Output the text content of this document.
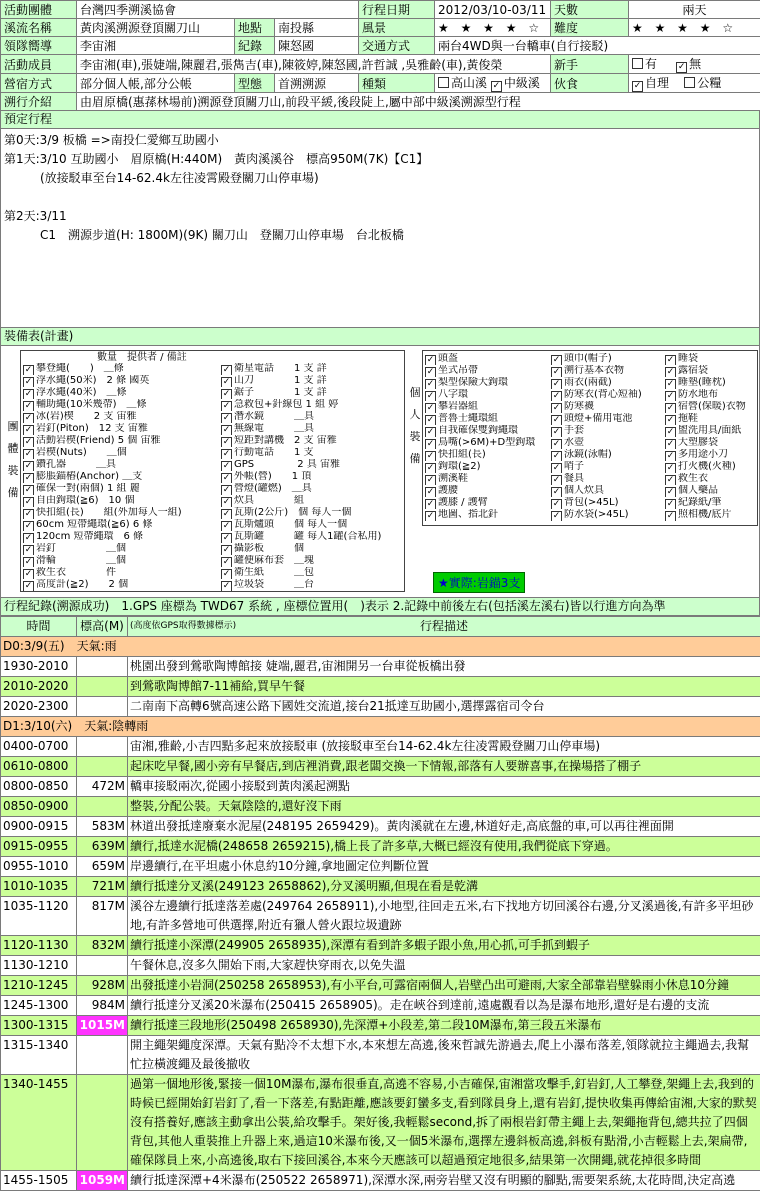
活動團體	台灣四季溯溪協會			行程日期	2012/03/10-03/11	天數	兩天
溪流名稱	黃肉溪溯源登頂關刀山	地點	南投縣	風景	★ ★ ★ ★ ☆	難度	★ ★ ★ ★ ☆
領隊嚮導	李宙湘	紀錄	陳怒國	交通方式	兩台4WD與一台轎車(自行接駁)		
活動成員	李宙湘(車),張婕端,陳麗君,張雋吉(車),陳筱婷,陳怒國,許哲誠 ,吳雅齡(車),黃俊榮					新手	有 ✓ 無
營宿方式	部分個人帳,部分公帳	型態	首溯溯源	種類	高山溪 ✓ 中級溪	伙食	✓ 自理 公糧
溯行介紹	由眉原橋(惠蓀林場前)溯源登頂關刀山,前段平緩,後段陡上,屬中部中級溪溯源型行程						
預定行程
第0天:3/9 板橋 =>南投仁愛鄉互助國小
第1天:3/10 互助國小　眉原橋(H:440M)　黃肉溪溪谷　標高950M(7K)【C1】
　　　(放接駁車至台14-62.4k左往凌霄殿登關刀山停車場)

第2天:3/11
　　　C1　溯源步道(H: 1800M)(9K) 關刀山　登關刀山停車場　台北板橋
裝備表(計畫)
團體裝備
數量　提供者 / 備註
✓ 攀登繩(　　)　＿條
✓ 浮水繩(50米)　2 條 國英
✓ 浮水繩(40米)　＿條
✓ 輔助繩(10米幾帶)　＿條
✓ 冰(岩)楔　　2 支 宙雅
✓ 岩釘(Piton)　12 支 宙雅
✓ 活動岩楔(Friend) 5 個 宙雅
✓ 岩楔(Nuts)　　＿個
✓ 鑽孔器　　　＿具
✓ 膨脹錨樁(Anchor) ＿支
✓ 確保一對(兩個) 1 組 麗
✓ 自由鉤環(≧6)　10 個
✓ 快扣組(長)　　組(外加每人一組)
✓ 60cm 短帶繩環(≧6) 6 條
✓ 120cm 短帶繩環　6 條
✓ 岩釘　　　　　＿個
✓ 滑輪　　　　　＿個
✓ 救生衣　　　　件
✓ 高度計(≧2)　　2 個
✓ 衛星電話　　1 支 詳
✓ 山刀　　　　1 支 詳
✓ 鋸子　　　　1 支 詳
✓ 急救包+針線包 1 組 婷
✓ 潛水鏡　　　＿具
✓ 無線電　　　＿具
✓ 短距對講機　2 支 宙雅
✓ 行動電話　　1 支
✓ GPS　　　　 2 具 宙雅
✓ 外帳(營)　　1 頂
✓ 營燈(罐燃)　＿具
✓ 炊具　　　　組
✓ 瓦斯(2公斤)　個 每人一個
✓ 瓦斯爐頭　　個 每人一個
✓ 瓦斯罐　　　罐 每人1罐(合私用)
✓ 攝影板　　　個
✓ 罐便麻布套　＿塊
✓ 衛生紙　　　＿包
✓ 垃圾袋　　　＿台
個人裝備
✓ 頭盔
✓ 坐式吊帶
✓ 梨型保險大鉤環
✓ 八字環
✓ 攀岩器組
✓ 普魯士繩環組
✓ 自我確保雙鉤繩環
✓ 鳥嘴(>6M)+D型鉤環
✓ 快扣組(長)
✓ 鉤環(≧2)
✓ 溯溪鞋
✓ 護腰
✓ 護膝 / 護臂
✓ 地圖、指北針
✓ 頭巾(帽子)
✓ 溯行基本衣物
✓ 雨衣(兩截)
✓ 防寒衣(背心短袖)
✓ 防寒襪
✓ 頭燈+備用電池
✓ 手套
✓ 水壺
✓ 泳鏡(泳帽)
✓ 哨子
✓ 餐具
✓ 個人炊具
✓ 背包(>45L)
✓ 防水袋(>45L)
✓ 睡袋
✓ 露宿袋
✓ 睡墊(睡枕)
✓ 防水地布
✓ 宿營(保暖)衣物
✓ 拖鞋
✓ 盥洗用具/面紙
✓ 大塑膠袋
✓ 多用途小刀
✓ 打火機(火種)
✓ 救生衣
✓ 個人藥品
✓ 紀錄紙/筆
✓ 照相機/底片
★實際:岩錨3支
行程紀錄(溯源成功)　1.GPS 座標為 TWD67 系統 , 座標位置用(　)表示 2.記錄中前後左右(包括溪左溪右)皆以行進方向為準
時間	標高(M)	(高度依GPS取得數據標示) 行程描述
D0:3/9(五)　天氣:雨		
1930-2010		桃園出發到鶯歌陶博館接 婕端,麗君,宙湘開另一台車從板橋出發
2010-2020		到鶯歌陶博館7-11補給,買早午餐
2020-2300		二南南下高轉6號高速公路下國姓交流道,接台21抵達互助國小,選擇露宿司令台
D1:3/10(六)　天氣:陰轉雨		
0400-0700		宙湘,雅齡,小吉四點多起來放接駁車 (放接駁車至台14-62.4k左往凌霄殿登關刀山停車場)
0610-0800		起床吃早餐,國小旁有早餐店,到店裡消費,跟老闆交換一下情報,部落有人要辦喜事,在操場搭了棚子
0800-0850	472M	轎車接駁兩次,從國小接駁到黃肉溪起溯點
0850-0900		整裝,分配公裝。天氣陰陰的,還好沒下雨
0900-0915	583M	林道出發抵達廢棄水泥屋(248195 2659429)。黃肉溪就在左邊,林道好走,高底盤的車,可以再往裡面開
0915-0955	639M	續行,抵達水泥橋(248658 2659215),橋上長了許多草,大概已經沒有使用,我們從底下穿過。
0955-1010	659M	岸邊續行,在平坦處小休息約10分鐘,拿地圖定位判斷位置
1010-1035	721M	續行抵達分叉溪(249123 2658862),分叉溪明顯,但現在看是乾溝
1035-1120	817M	溪谷左邊續行抵達落差處(249764 2658911),小地型,往回走五米,右下找地方切回溪谷右邊,分叉溪過後,有許多平坦砂地,有許多營地可供選擇,附近有獵人營火跟垃圾遺跡
1120-1130	832M	續行抵達小深潭(249905 2658935),深潭有看到許多蝦子跟小魚,用心抓,可手抓到蝦子
1130-1210		午餐休息,沒多久開始下雨,大家趕快穿雨衣,以免失溫
1210-1245	928M	出發抵達小岩洞(250258 2658953),有小平台,可露宿兩個人,岩壁凸出可避雨,大家全部靠岩壁躲雨小休息10分鐘
1245-1300	984M	續行抵達分叉溪20米瀑布(250415 2658905)。走在峽谷到達前,遠處觀看以為是瀑布地形,還好是右邊的支流
1300-1315	1015M	續行抵達三段地形(250498 2658930),先深潭+小段差,第二段10M瀑布,第三段五米瀑布
1315-1340		開主繩架繩度深潭。天氣有點冷不太想下水,本來想左高遶,後來哲誠先游過去,爬上小瀑布落差,領隊就拉主繩過去,我幫忙拉橫渡繩及最後撤收
1340-1455		過第一個地形後,緊接一個10M瀑布,瀑布很垂直,高遶不容易,小吉確保,宙湘當攻擊手,釘岩釘,人工攀登,架繩上去,我到的時候已經開始釘岩釘了,看一下落差,有點距離,應該要釘蠻多支,看到隊員身上,還有岩釘,提快收集再傳給宙湘,大家的默契沒有搭養好,應該主動拿出公裝,給攻擊手。架好後,我輕鬆second,拆了兩根岩釘帶主繩上去,架繩拖背包,總共拉了四個背包,其他人重裝推上升器上來,過這10米瀑布後,又一個5米瀑布,選擇左邊斜板高遶,斜板有點滑,小吉輕鬆上去,架扁帶,確保隊員上來,小高遶後,取右下接回溪谷,本來今天應該可以超過預定地很多,結果第一次開繩,就花掉很多時間
1455-1505	1059M	續行抵達深潭+4米瀑布(250522 2658971),深潭水深,兩旁岩壁又沒有明顯的腳點,需要架系統,太花時間,決定高遶
